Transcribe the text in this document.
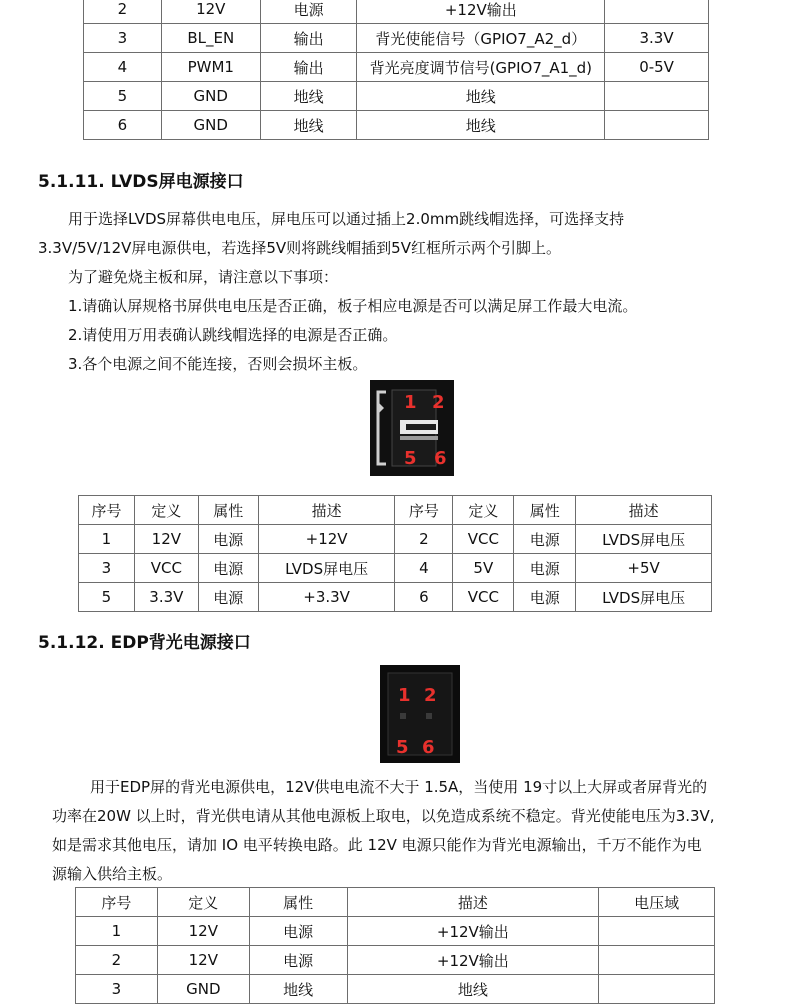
2	12V	电源	+12V输出	
3	BL_EN	输出	背光使能信号（GPIO7_A2_d）	3.3V
4	PWM1	输出	背光亮度调节信号(GPIO7_A1_d)	0-5V
5	GND	地线	地线	
6	GND	地线	地线	
5.1.11. LVDS屏电源接口

用于选择LVDS屏幕供电电压，屏电压可以通过插上2.0mm跳线帽选择，可选择支持

3.3V/5V/12V屏电源供电，若选择5V则将跳线帽插到5V红框所示两个引脚上。

为了避免烧主板和屏，请注意以下事项：

1.请确认屏规格书屏供电电压是否正确，板子相应电源是否可以满足屏工作最大电流。

2.请使用万用表确认跳线帽选择的电源是否正确。

3.各个电源之间不能连接，否则会损坏主板。

1 2
5 6
序号	定义	属性	描述	序号	定义	属性	描述
1	12V	电源	+12V	2	VCC	电源	LVDS屏电压
3	VCC	电源	LVDS屏电压	4	5V	电源	+5V
5	3.3V	电源	+3.3V	6	VCC	电源	LVDS屏电压
5.1.12. EDP背光电源接口
1 2
5 6

用于EDP屏的背光电源供电，12V供电电流不大于 1.5A，当使用 19寸以上大屏或者屏背光的

功率在20W 以上时，背光供电请从其他电源板上取电，以免造成系统不稳定。背光使能电压为3.3V,

如是需求其他电压，请加 IO 电平转换电路。此 12V 电源只能作为背光电源输出，千万不能作为电

源输入供给主板。

序号	定义	属性	描述	电压域
1	12V	电源	+12V输出	
2	12V	电源	+12V输出	
3	GND	地线	地线	
